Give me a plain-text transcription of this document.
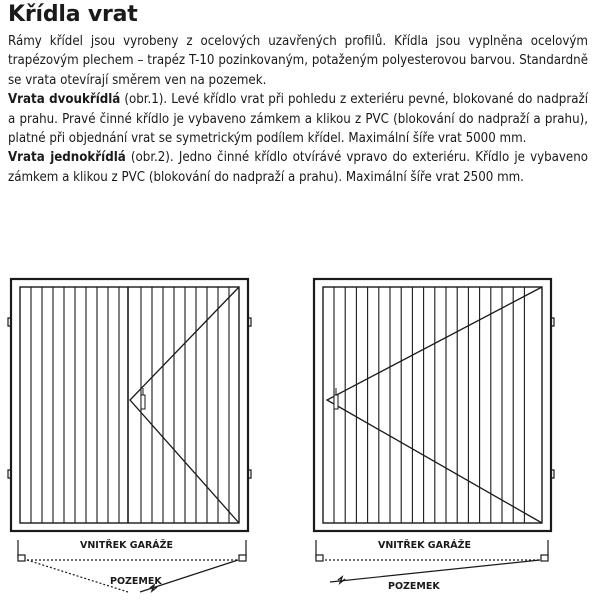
Křídla vrat

Rámy křídel jsou vyrobeny z ocelových uzavřených profilů. Křídla jsou vyplněna ocelovým trapézovým plechem – trapéz T-10 pozinkovaným, potaženým polyesterovou barvou. Standardně se vrata otevírají směrem ven na pozemek.

Vrata dvoukřídlá (obr.1). Levé křídlo vrat při pohledu z exteriéru pevné, blokované do nadpraží a prahu. Pravé činné křídlo je vybaveno zámkem a klikou z PVC (blokování do nadpraží a prahu), platné při objednání vrat se symetrickým podílem křídel. Maximální šíře vrat 5000 mm.

Vrata jednokřídlá (obr.2). Jedno činné křídlo otvírávé vpravo do exteriéru. Křídlo je vybaveno zámkem a klikou z PVC (blokování do nadpraží a prahu). Maximální šíře vrat 2500 mm.

VNITŘEK GARÁŽE
POZEMEK
VNITŘEK GARÁŽE
POZEMEK
